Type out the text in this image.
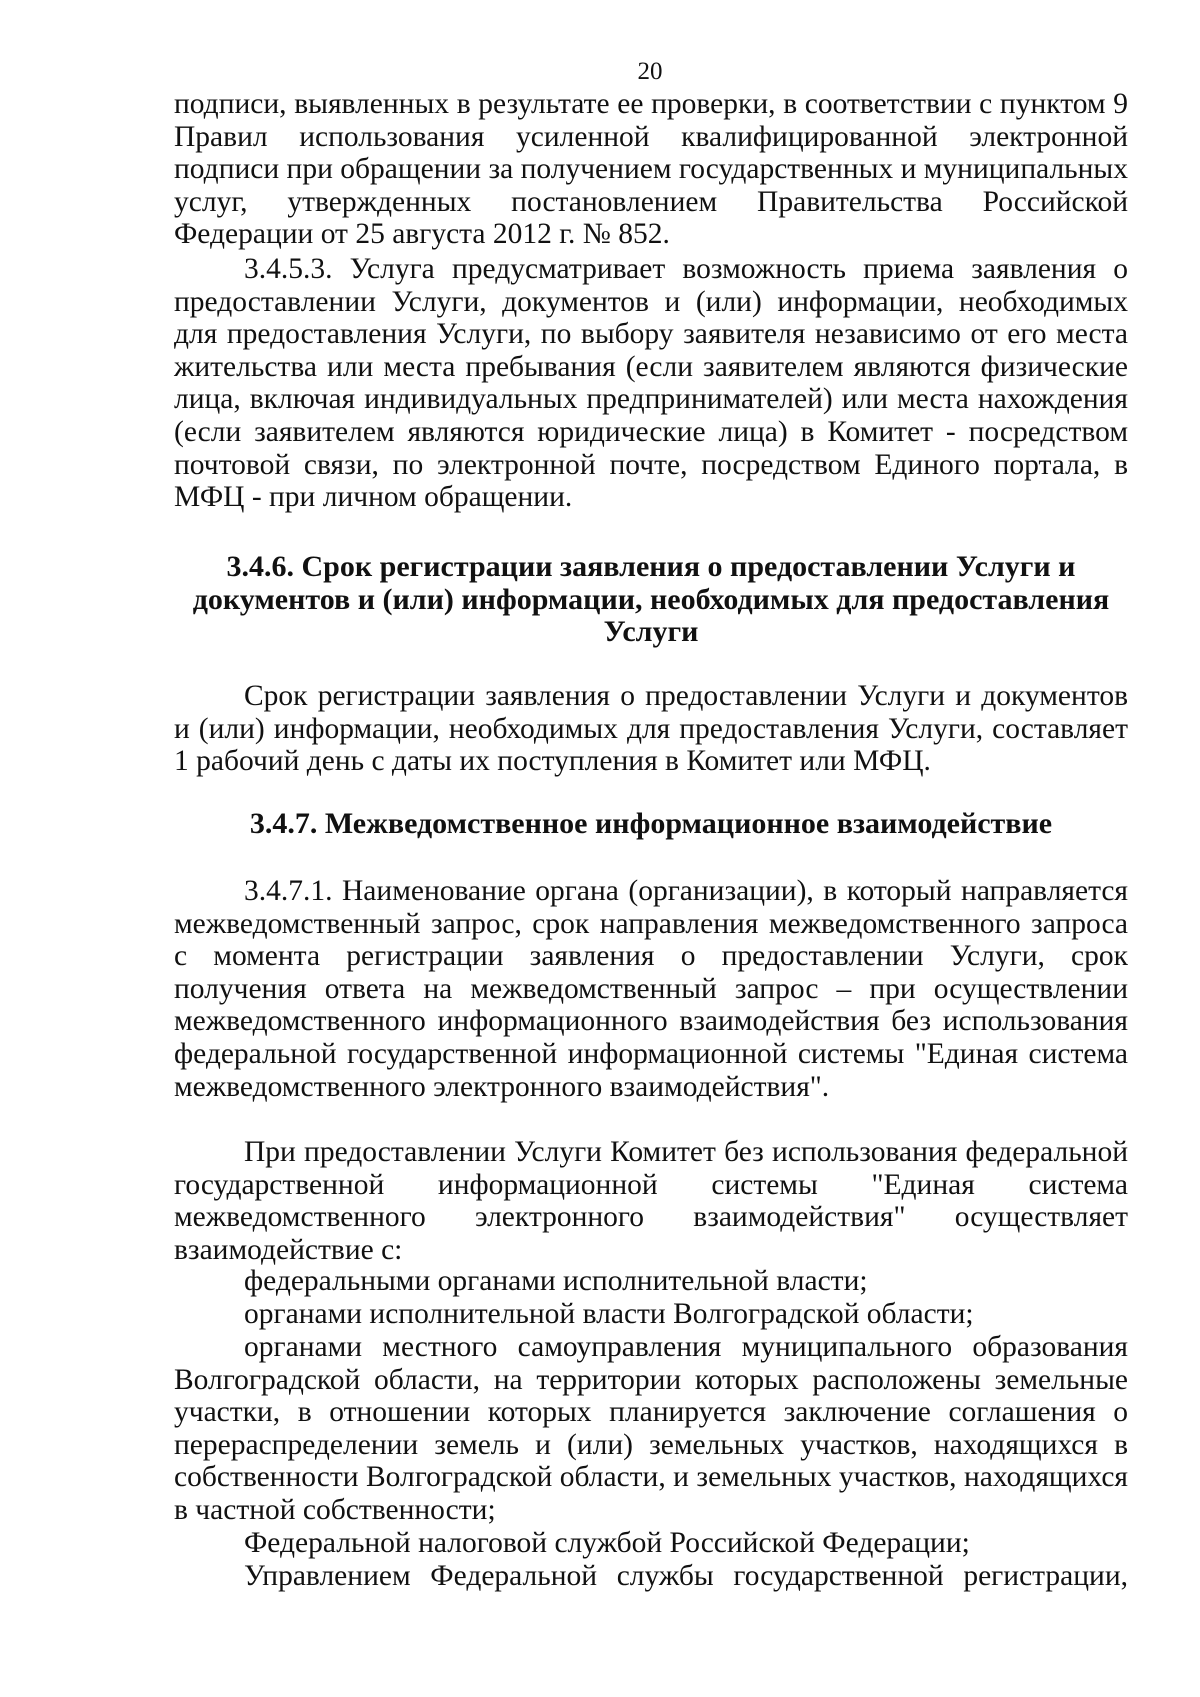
20

подписи, выявленных в результате ее проверки, в соответствии с пунктом 9 Правил использования усиленной квалифицированной электронной подписи при обращении за получением государственных и муниципальных услуг, утвержденных постановлением Правительства Российской Федерации от 25 августа 2012 г. № 852.

3.4.5.3. Услуга предусматривает возможность приема заявления о предоставлении Услуги, документов и (или) информации, необходимых для предоставления Услуги, по выбору заявителя независимо от его места жительства или места пребывания (если заявителем являются физические лица, включая индивидуальных предпринимателей) или места нахождения (если заявителем являются юридические лица) в Комитет - посредством почтовой связи, по электронной почте, посредством Единого портала, в МФЦ - при личном обращении.

3.4.6. Срок регистрации заявления о предоставлении Услуги и документов и (или) информации, необходимых для предоставления Услуги

Срок регистрации заявления о предоставлении Услуги и документов и (или) информации, необходимых для предоставления Услуги, составляет 1 рабочий день с даты их поступления в Комитет или МФЦ.

3.4.7. Межведомственное информационное взаимодействие

3.4.7.1. Наименование органа (организации), в который направляется межведомственный запрос, срок направления межведомственного запроса с момента регистрации заявления о предоставлении Услуги, срок получения ответа на межведомственный запрос – при осуществлении межведомственного информационного взаимодействия без использования федеральной государственной информационной системы "Единая система межведомственного электронного взаимодействия".

При предоставлении Услуги Комитет без использования федеральной государственной информационной системы "Единая система межведомственного электронного взаимодействия" осуществляет взаимодействие с:

федеральными органами исполнительной власти;

органами исполнительной власти Волгоградской области;

органами местного самоуправления муниципального образования Волгоградской области, на территории которых расположены земельные участки, в отношении которых планируется заключение соглашения о перераспределении земель и (или) земельных участков, находящихся в собственности Волгоградской области, и земельных участков, находящихся в частной собственности;

Федеральной налоговой службой Российской Федерации;

Управлением Федеральной службы государственной регистрации,
